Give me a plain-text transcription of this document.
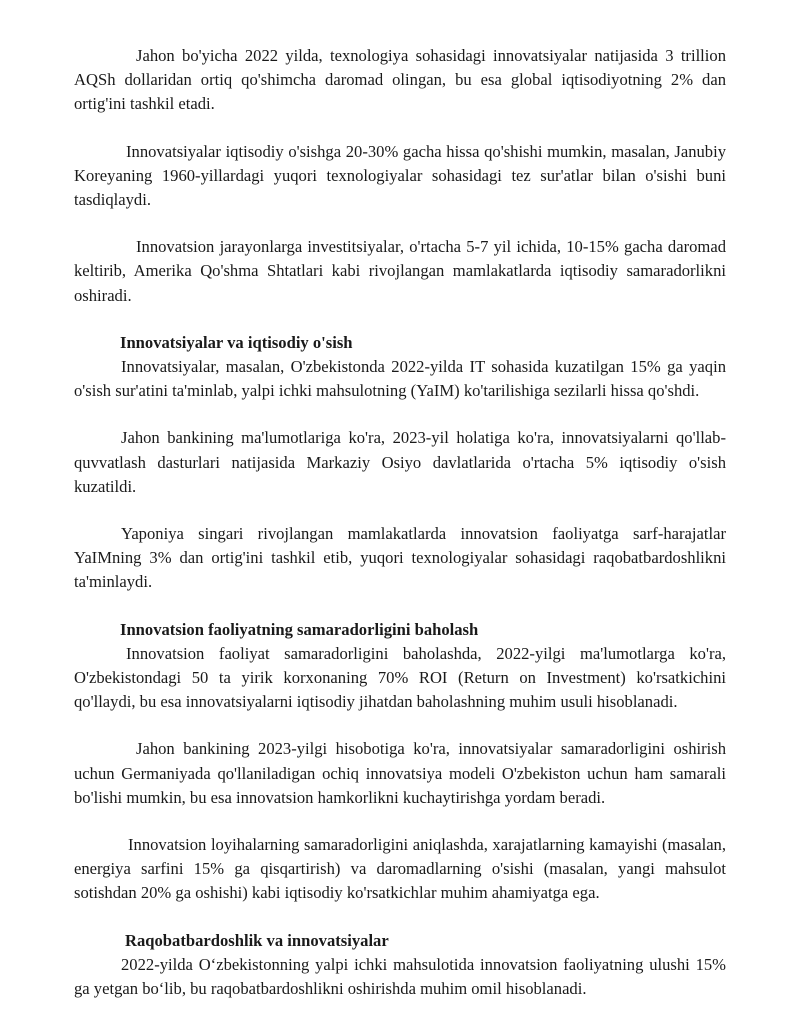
Jahon bo'yicha 2022 yilda, texnologiya sohasidagi innovatsiyalar natijasida 3 trillion AQSh dollaridan ortiq qo'shimcha daromad olingan, bu esa global iqtisodiyotning 2% dan ortig'ini tashkil etadi.

Innovatsiyalar iqtisodiy o'sishga 20-30% gacha hissa qo'shishi mumkin, masalan, Janubiy Koreyaning 1960-yillardagi yuqori texnologiyalar sohasidagi tez sur'atlar bilan o'sishi buni tasdiqlaydi.

Innovatsion jarayonlarga investitsiyalar, o'rtacha 5-7 yil ichida, 10-15% gacha daromad keltirib, Amerika Qo'shma Shtatlari kabi rivojlangan mamlakatlarda iqtisodiy samaradorlikni oshiradi.

Innovatsiyalar va iqtisodiy o'sish

Innovatsiyalar, masalan, O'zbekistonda 2022-yilda IT sohasida kuzatilgan 15% ga yaqin o'sish sur'atini ta'minlab, yalpi ichki mahsulotning (YaIM) ko'tarilishiga sezilarli hissa qo'shdi.

Jahon bankining ma'lumotlariga ko'ra, 2023-yil holatiga ko'ra, innovatsiyalarni qo'llab-quvvatlash dasturlari natijasida Markaziy Osiyo davlatlarida o'rtacha 5% iqtisodiy o'sish kuzatildi.

Yaponiya singari rivojlangan mamlakatlarda innovatsion faoliyatga sarf-harajatlar YaIMning 3% dan ortig'ini tashkil etib, yuqori texnologiyalar sohasidagi raqobatbardoshlikni ta'minlaydi.

Innovatsion faoliyatning samaradorligini baholash

Innovatsion faoliyat samaradorligini baholashda, 2022-yilgi ma'lumotlarga ko'ra, O'zbekistondagi 50 ta yirik korxonaning 70% ROI (Return on Investment) ko'rsatkichini qo'llaydi, bu esa innovatsiyalarni iqtisodiy jihatdan baholashning muhim usuli hisoblanadi.

Jahon bankining 2023-yilgi hisobotiga ko'ra, innovatsiyalar samaradorligini oshirish uchun Germaniyada qo'llaniladigan ochiq innovatsiya modeli O'zbekiston uchun ham samarali bo'lishi mumkin, bu esa innovatsion hamkorlikni kuchaytirishga yordam beradi.

Innovatsion loyihalarning samaradorligini aniqlashda, xarajatlarning kamayishi (masalan, energiya sarfini 15% ga qisqartirish) va daromadlarning o'sishi (masalan, yangi mahsulot sotishdan 20% ga oshishi) kabi iqtisodiy ko'rsatkichlar muhim ahamiyatga ega.

Raqobatbardoshlik va innovatsiyalar

2022-yilda O‘zbekistonning yalpi ichki mahsulotida innovatsion faoliyatning ulushi 15% ga yetgan bo‘lib, bu raqobatbardoshlikni oshirishda muhim omil hisoblanadi.
